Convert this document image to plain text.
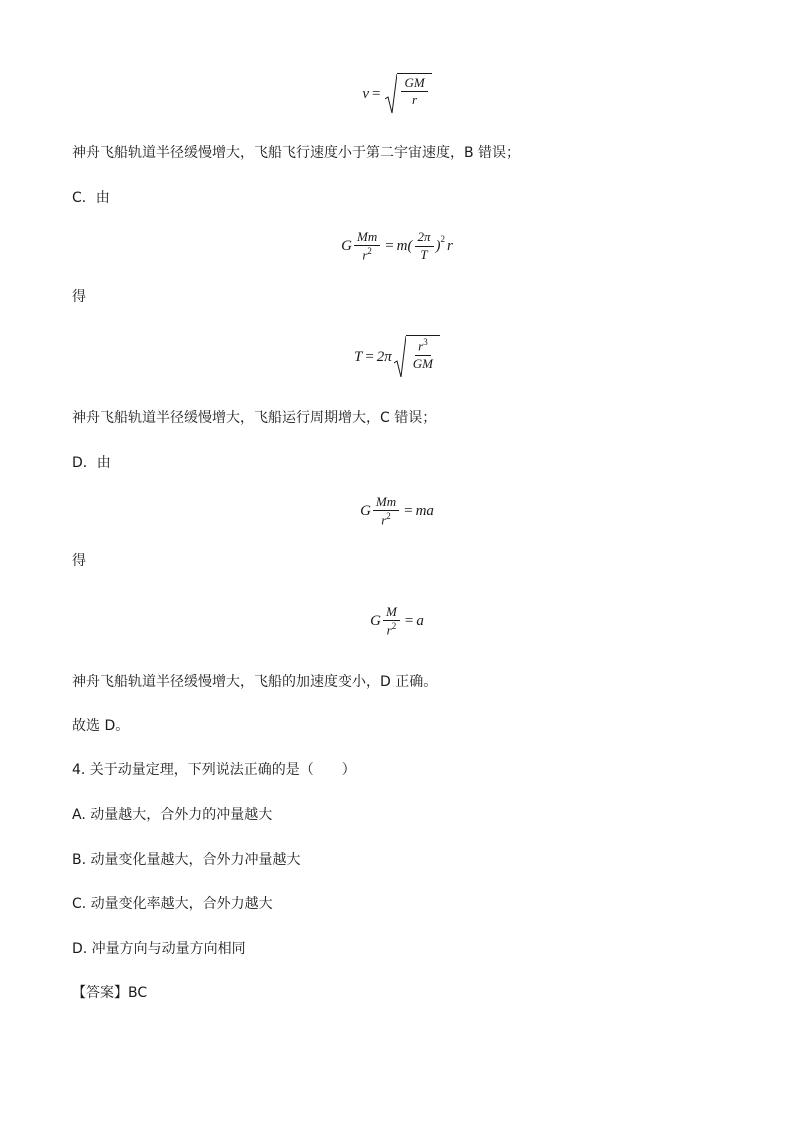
$v = \frac{GM}{r}$
神舟飞船轨道半径缓慢增大，飞船飞行速度小于第二宇宙速度，B 错误；
C．由
G $\frac{Mm}{r^2} = m( \frac{2\pi}{T} )^2$ r
得
$T = 2\pi \frac{r^3}{GM}$
神舟飞船轨道半径缓慢增大，飞船运行周期增大，C 错误；
D．由
G $\frac{Mm}{r^2}$ = ma
得
G $\frac{M}{r^2} = a$
神舟飞船轨道半径缓慢增大，飞船的加速度变小，D 正确。
故选 D。
4. 关于动量定理，下列说法正确的是（　　）
A. 动量越大，合外力的冲量越大
B. 动量变化量越大，合外力冲量越大
C. 动量变化率越大，合外力越大
D. 冲量方向与动量方向相同
【答案】BC
